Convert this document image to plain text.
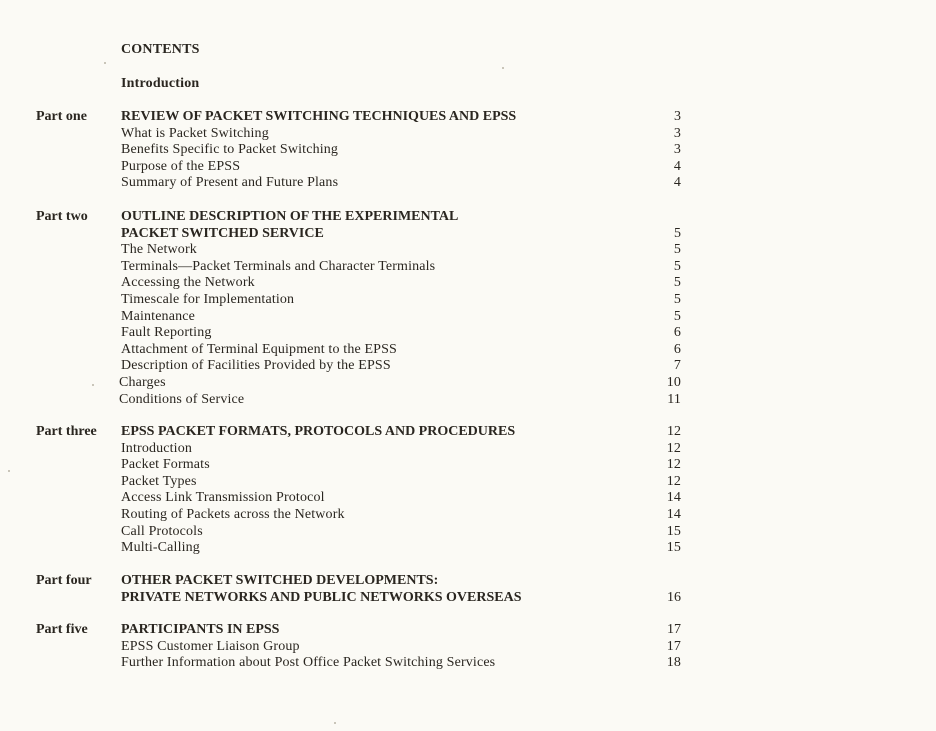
CONTENTS
Introduction
Part one REVIEW OF PACKET SWITCHING TECHNIQUES AND EPSS	3
What is Packet Switching	3
Benefits Specific to Packet Switching	3
Purpose of the EPSS	4
Summary of Present and Future Plans	4
Part two OUTLINE DESCRIPTION OF THE EXPERIMENTAL
PACKET SWITCHED SERVICE	5
The Network	5
Terminals—Packet Terminals and Character Terminals	5
Accessing the Network	5
Timescale for Implementation	5
Maintenance	5
Fault Reporting	6
Attachment of Terminal Equipment to the EPSS	6
Description of Facilities Provided by the EPSS	7
Charges	10
Conditions of Service	11
Part three EPSS PACKET FORMATS, PROTOCOLS AND PROCEDURES	12
Introduction	12
Packet Formats	12
Packet Types	12
Access Link Transmission Protocol	14
Routing of Packets across the Network	14
Call Protocols	15
Multi-Calling	15
Part four OTHER PACKET SWITCHED DEVELOPMENTS:
PRIVATE NETWORKS AND PUBLIC NETWORKS OVERSEAS	16
Part five PARTICIPANTS IN EPSS	17
EPSS Customer Liaison Group	17
Further Information about Post Office Packet Switching Services	18
